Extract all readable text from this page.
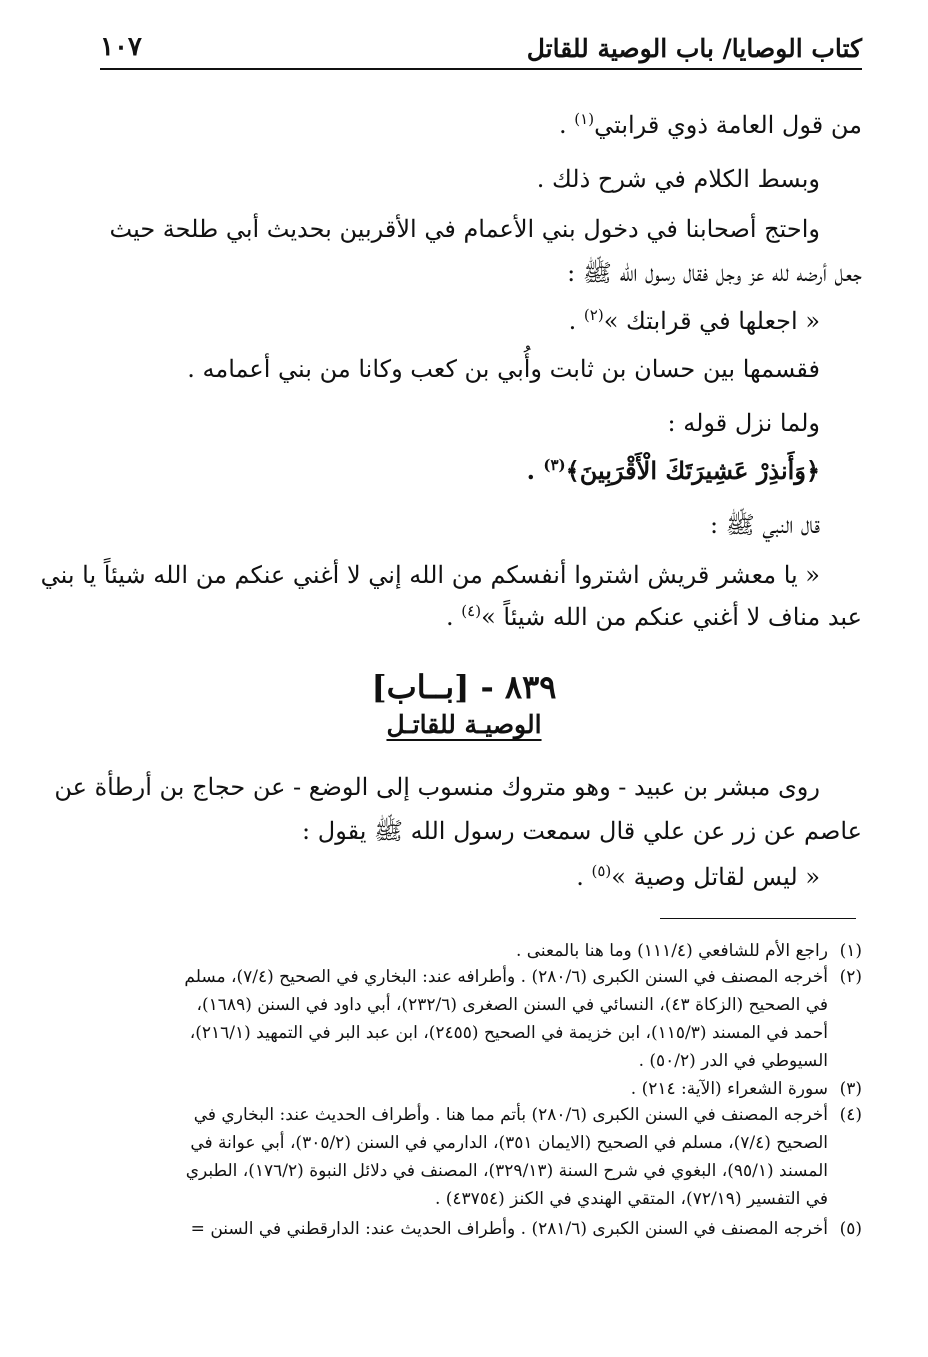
كتاب الوصايا/ باب الوصية للقاتل
١٠٧
من قول العامة ذوي قرابتي$^{(١)}$ .
وبسط الكلام في شرح ذلك .
واحتج أصحابنا في دخول بني الأعمام في الأقربين بحديث أبي طلحة حيث
جعل أرضه لله عز وجل فقال رسول الله ﷺ :
« اجعلها في قرابتك »$^{(٢)}$ .
فقسمها بين حسان بن ثابت وأُبي بن كعب وكانا من بني أعمامه .
ولما نزل قوله :
﴿وَأَنذِرْ عَشِيرَتَكَ الْأَقْرَبِينَ﴾$^{(٣)}$ .
قال النبي ﷺ :
« يا معشر قريش اشتروا أنفسكم من الله إني لا أغني عنكم من الله شيئاً يا بني
عبد مناف لا أغني عنكم من الله شيئاً »$^{(٤)}$ .
٨٣٩ - [بــاب]
الوصيـة للقاتـل
روى مبشر بن عبيد - وهو متروك منسوب إلى الوضع - عن حجاج بن أرطأة عن
عاصم عن زر عن علي قال سمعت رسول الله ﷺ يقول :
« ليس لقاتل وصية »$^{(٥)}$ .
(١)
راجع الأم للشافعي (١١١/٤) وما هنا بالمعنى .
(٢)
أخرجه المصنف في السنن الكبرى (٢٨٠/٦) . وأطرافه عند: البخاري في الصحيح (٧/٤)، مسلم
في الصحيح (الزكاة ٤٣)، النسائي في السنن الصغرى (٢٣٢/٦)، أبي داود في السنن (١٦٨٩)،
أحمد في المسند (١١٥/٣)، ابن خزيمة في الصحيح (٢٤٥٥)، ابن عبد البر في التمهيد (٢١٦/١)،
السيوطي في الدر (٥٠/٢) .
(٣)
سورة الشعراء (الآية: ٢١٤) .
(٤)
أخرجه المصنف في السنن الكبرى (٢٨٠/٦) بأتم مما هنا . وأطراف الحديث عند: البخاري في
الصحيح (٧/٤)، مسلم في الصحيح (الايمان ٣٥١)، الدارمي في السنن (٣٠٥/٢)، أبي عوانة في
المسند (٩٥/١)، البغوي في شرح السنة (٣٢٩/١٣)، المصنف في دلائل النبوة (١٧٦/٢)، الطبري
في التفسير (٧٢/١٩)، المتقي الهندي في الكنز (٤٣٧٥٤) .
(٥)
أخرجه المصنف في السنن الكبرى (٢٨١/٦) . وأطراف الحديث عند: الدارقطني في السنن =
